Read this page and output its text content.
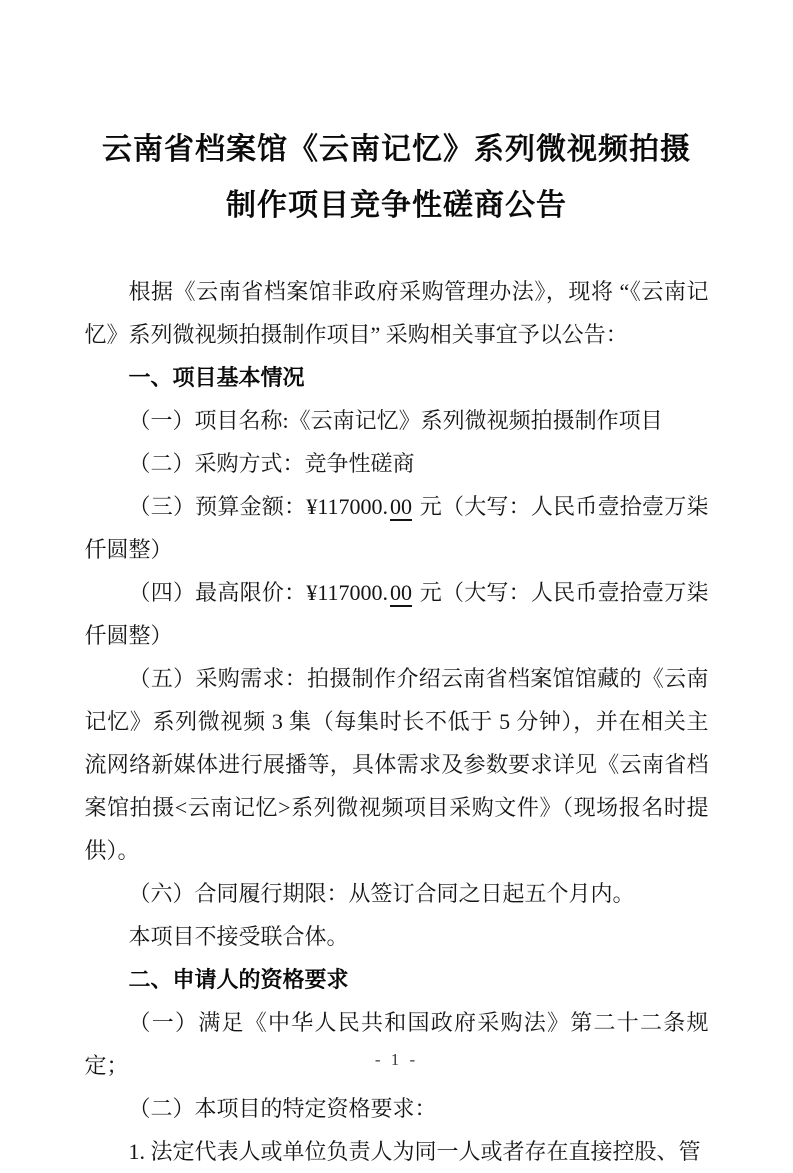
云南省档案馆《云南记忆》系列微视频拍摄
制作项目竞争性磋商公告

根据《云南省档案馆非政府采购管理办法》，现将 “《云南记忆》系列微视频拍摄制作项目” 采购相关事宜予以公告：

一、项目基本情况

（一）项目名称:《云南记忆》系列微视频拍摄制作项目

（二）采购方式：竞争性磋商

（三）预算金额：¥117000.00 元（大写：人民币壹拾壹万柒仟圆整）

（四）最高限价：¥117000.00 元（大写：人民币壹拾壹万柒仟圆整）

（五）采购需求：拍摄制作介绍云南省档案馆馆藏的《云南记忆》系列微视频 3 集（每集时长不低于 5 分钟），并在相关主流网络新媒体进行展播等，具体需求及参数要求详见《云南省档案馆拍摄<云南记忆>系列微视频项目采购文件》（现场报名时提供）。

（六）合同履行期限：从签订合同之日起五个月内。

本项目不接受联合体。

二、申请人的资格要求

（一）满足《中华人民共和国政府采购法》第二十二条规定；

（二）本项目的特定资格要求：

1. 法定代表人或单位负责人为同一人或者存在直接控股、管

- 1 -
